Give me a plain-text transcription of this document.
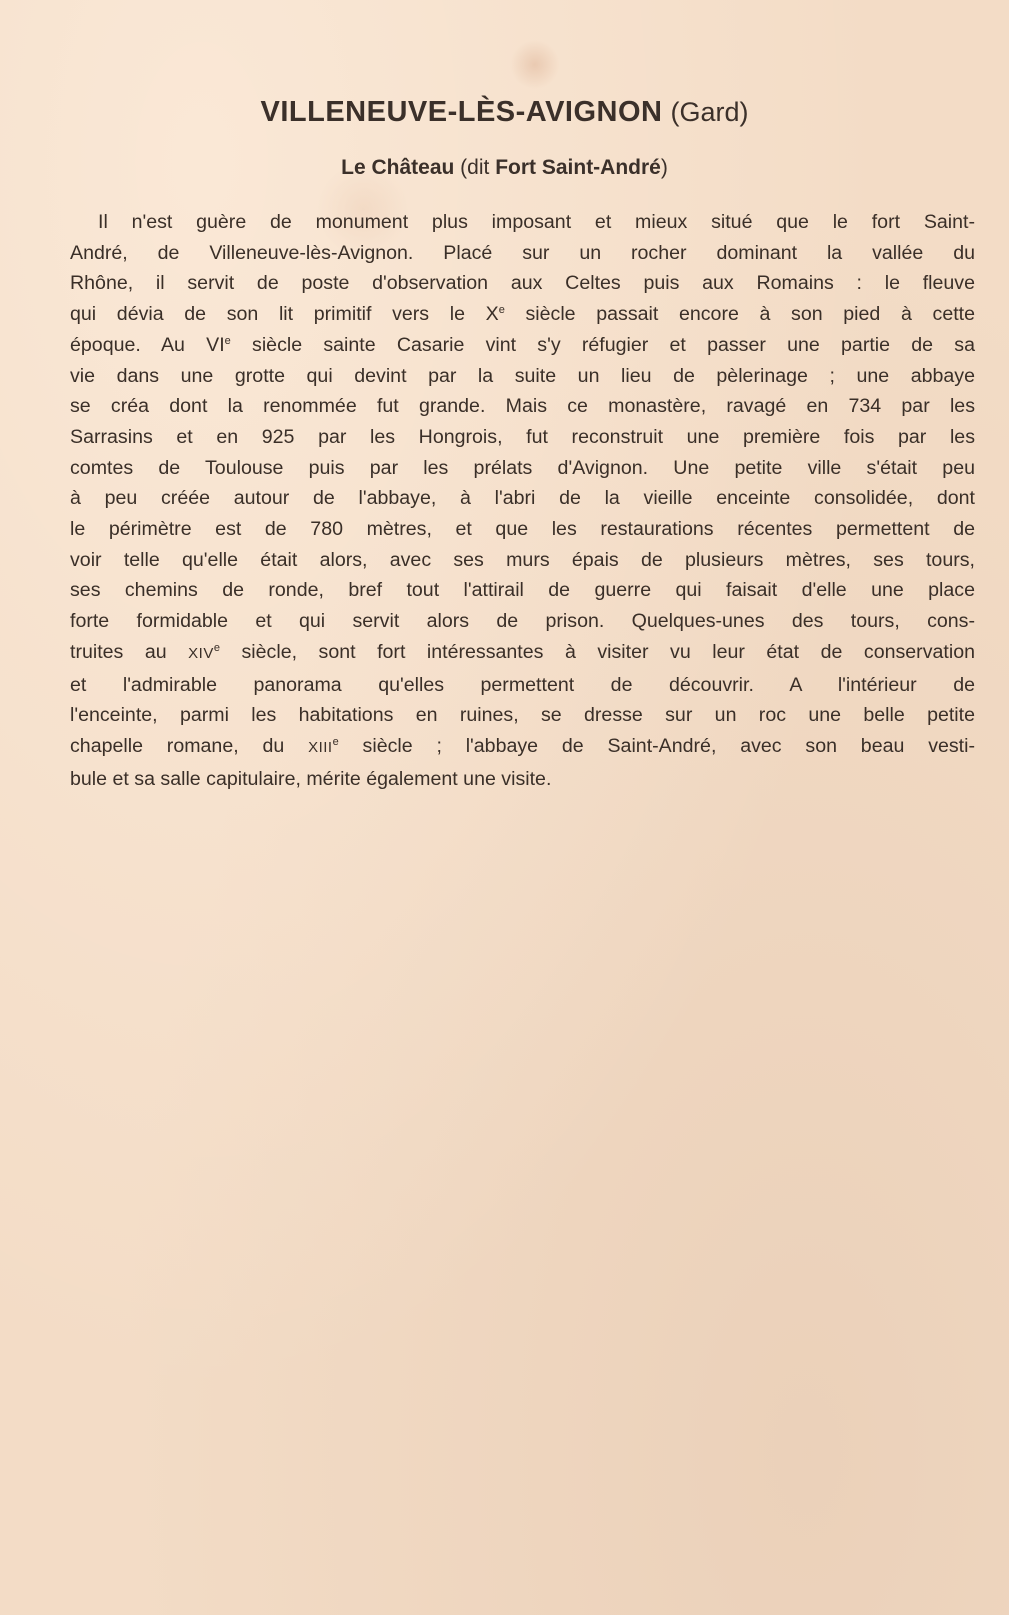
VILLENEUVE-LÈS-AVIGNON (Gard)
Le Château (dit Fort Saint-André)
Il n'est guère de monument plus imposant et mieux situé que le fort Saint-
André, de Villeneuve-lès-Avignon. Placé sur un rocher dominant la vallée du
Rhône, il servit de poste d'observation aux Celtes puis aux Romains : le fleuve
qui dévia de son lit primitif vers le Xe siècle passait encore à son pied à cette
époque. Au VIe siècle sainte Casarie vint s'y réfugier et passer une partie de sa
vie dans une grotte qui devint par la suite un lieu de pèlerinage ; une abbaye
se créa dont la renommée fut grande. Mais ce monastère, ravagé en 734 par les
Sarrasins et en 925 par les Hongrois, fut reconstruit une première fois par les
comtes de Toulouse puis par les prélats d'Avignon. Une petite ville s'était peu
à peu créée autour de l'abbaye, à l'abri de la vieille enceinte consolidée, dont
le périmètre est de 780 mètres, et que les restaurations récentes permettent de
voir telle qu'elle était alors, avec ses murs épais de plusieurs mètres, ses tours,
ses chemins de ronde, bref tout l'attirail de guerre qui faisait d'elle une place
forte formidable et qui servit alors de prison. Quelques-unes des tours, cons-
truites au XIVe siècle, sont fort intéressantes à visiter vu leur état de conservation
et l'admirable panorama qu'elles permettent de découvrir. A l'intérieur de
l'enceinte, parmi les habitations en ruines, se dresse sur un roc une belle petite
chapelle romane, du XIIIe siècle ; l'abbaye de Saint-André, avec son beau vesti-
bule et sa salle capitulaire, mérite également une visite.
